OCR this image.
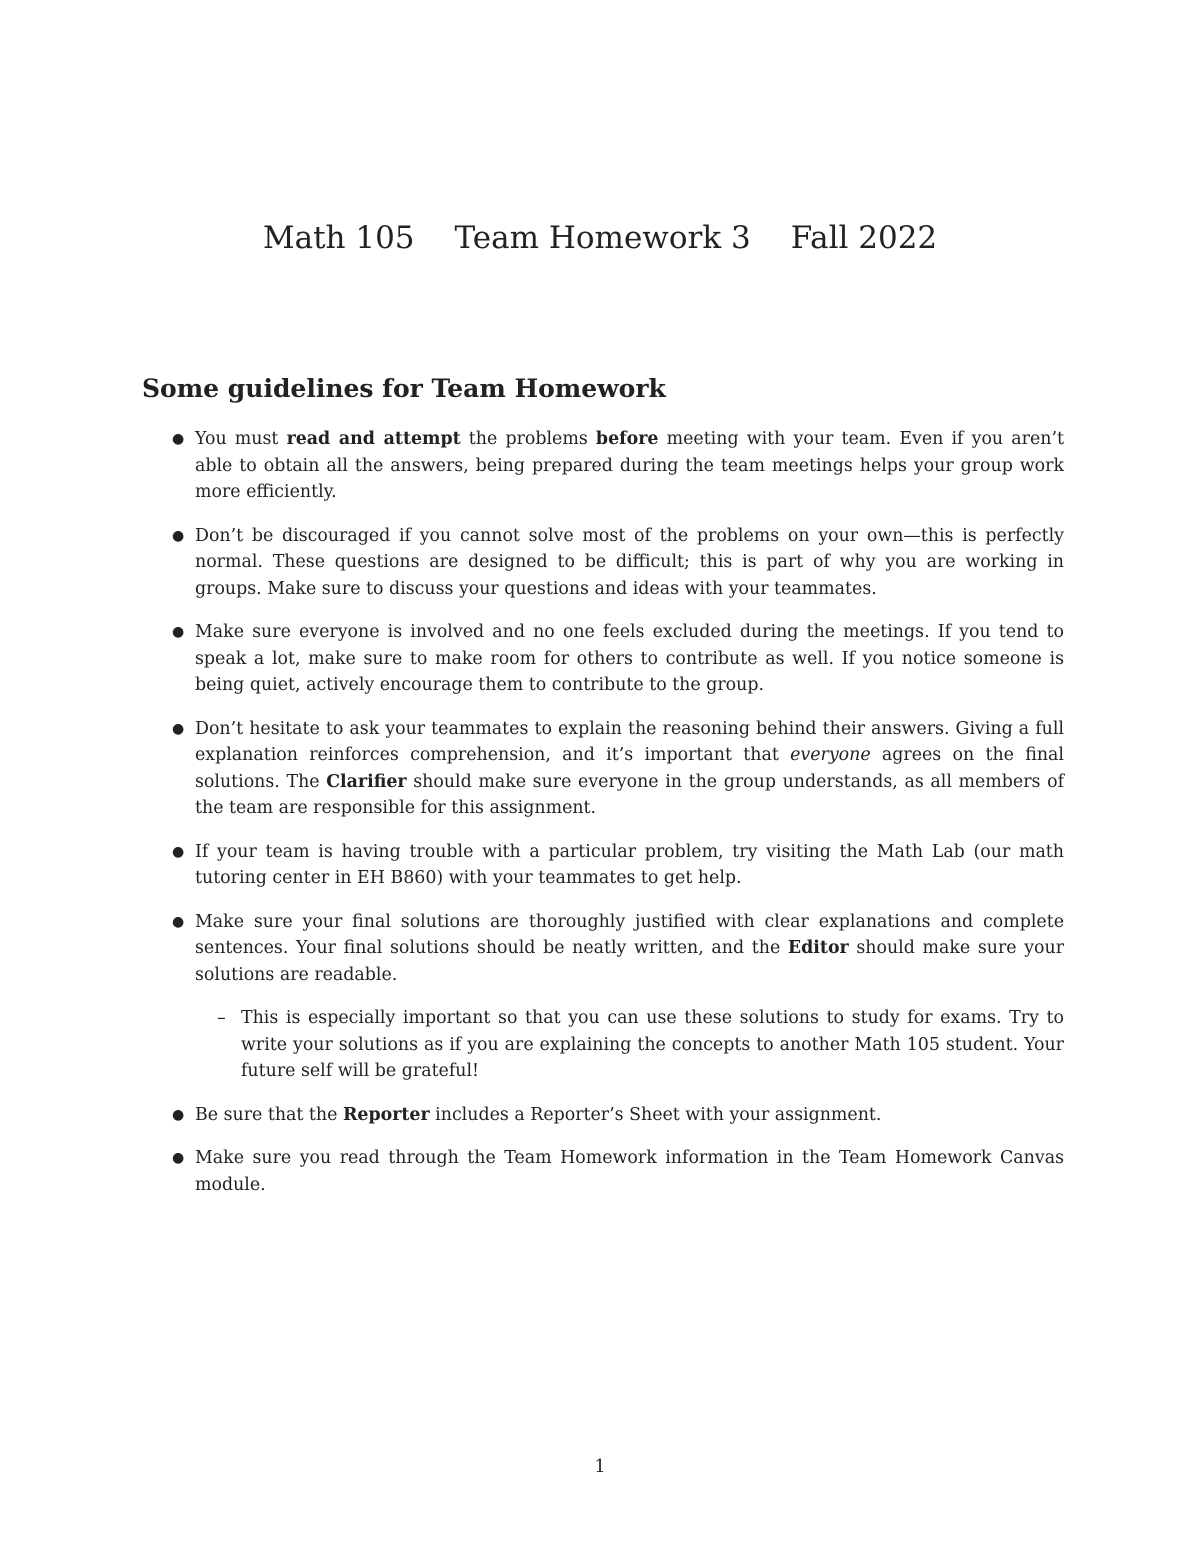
Math 105 Team Homework 3 Fall 2022
Some guidelines for Team Homework
● You must read and attempt the problems before meeting with your team. Even if you aren’t able to obtain all the answers, being prepared during the team meetings helps your group work more efficiently.
● Don’t be discouraged if you cannot solve most of the problems on your own—this is perfectly normal. These questions are designed to be difficult; this is part of why you are working in groups. Make sure to discuss your questions and ideas with your teammates.
● Make sure everyone is involved and no one feels excluded during the meetings. If you tend to speak a lot, make sure to make room for others to contribute as well. If you notice someone is being quiet, actively encourage them to contribute to the group.
● Don’t hesitate to ask your teammates to explain the reasoning behind their answers. Giving a full explanation reinforces comprehension, and it’s important that everyone agrees on the final solutions. The Clarifier should make sure everyone in the group understands, as all members of the team are responsible for this assignment.
● If your team is having trouble with a particular problem, try visiting the Math Lab (our math tutoring center in EH B860) with your teammates to get help.
● Make sure your final solutions are thoroughly justified with clear explanations and complete sentences. Your final solutions should be neatly written, and the Editor should make sure your solutions are readable.
– This is especially important so that you can use these solutions to study for exams. Try to write your solutions as if you are explaining the concepts to another Math 105 student. Your future self will be grateful!
● Be sure that the Reporter includes a Reporter’s Sheet with your assignment.
● Make sure you read through the Team Homework information in the Team Homework Canvas module.
1
